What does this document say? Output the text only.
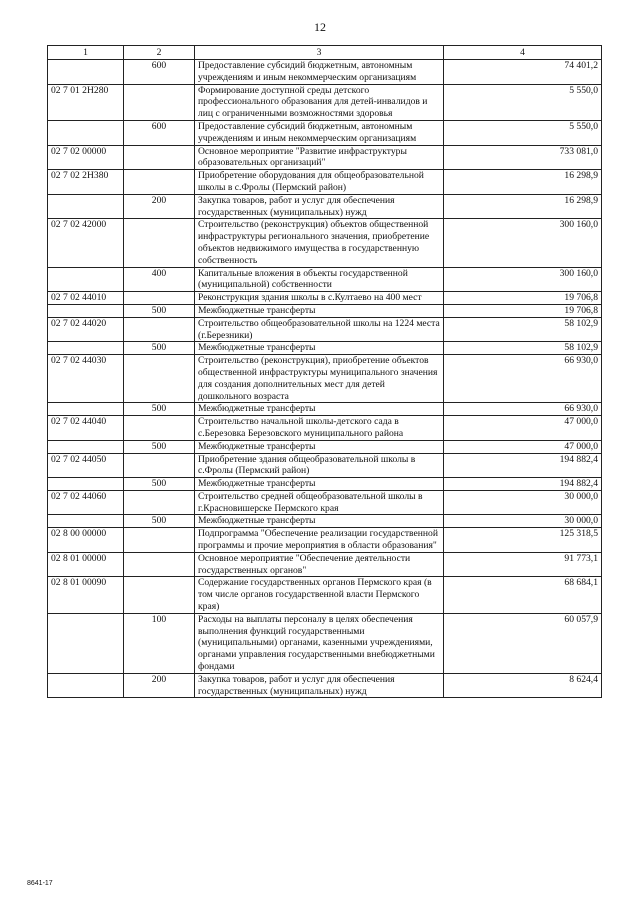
12
1	2	3	4
	600	Предоставление субсидий бюджетным, автономным учреждениям и иным некоммерческим организациям	74 401,2
02 7 01 2Н280		Формирование доступной среды детского профессионального образования для детей-инвалидов и лиц с ограниченными возможностями здоровья	5 550,0
	600	Предоставление субсидий бюджетным, автономным учреждениям и иным некоммерческим организациям	5 550,0
02 7 02 00000		Основное мероприятие "Развитие инфраструктуры образовательных организаций"	733 081,0
02 7 02 2Н380		Приобретение оборудования для общеобразовательной школы в с.Фролы (Пермский район)	16 298,9
	200	Закупка товаров, работ и услуг для обеспечения государственных (муниципальных) нужд	16 298,9
02 7 02 42000		Строительство (реконструкция) объектов общественной инфраструктуры регионального значения, приобретение объектов недвижимого имущества в государственную собственность	300 160,0
	400	Капитальные вложения в объекты государственной (муниципальной) собственности	300 160,0
02 7 02 44010		Реконструкция здания школы в с.Култаево на 400 мест	19 706,8
	500	Межбюджетные трансферты	19 706,8
02 7 02 44020		Строительство общеобразовательной школы на 1224 места (г.Березники)	58 102,9
	500	Межбюджетные трансферты	58 102,9
02 7 02 44030		Строительство (реконструкция), приобретение объектов общественной инфраструктуры муниципального значения для создания дополнительных мест для детей дошкольного возраста	66 930,0
	500	Межбюджетные трансферты	66 930,0
02 7 02 44040		Строительство начальной школы-детского сада в с.Березовка Березовского муниципального района	47 000,0
	500	Межбюджетные трансферты	47 000,0
02 7 02 44050		Приобретение здания общеобразовательной школы в с.Фролы (Пермский район)	194 882,4
	500	Межбюджетные трансферты	194 882,4
02 7 02 44060		Строительство средней общеобразовательной школы в г.Красновишерске Пермского края	30 000,0
	500	Межбюджетные трансферты	30 000,0
02 8 00 00000		Подпрограмма "Обеспечение реализации государственной программы и прочие мероприятия в области образования"	125 318,5
02 8 01 00000		Основное мероприятие "Обеспечение деятельности государственных органов"	91 773,1
02 8 01 00090		Содержание государственных органов Пермского края (в том числе органов государственной власти Пермского края)	68 684,1
	100	Расходы на выплаты персоналу в целях обеспечения выполнения функций государственными (муниципальными) органами, казенными учреждениями, органами управления государственными внебюджетными фондами	60 057,9
	200	Закупка товаров, работ и услуг для обеспечения государственных (муниципальных) нужд	8 624,4
8641-17
